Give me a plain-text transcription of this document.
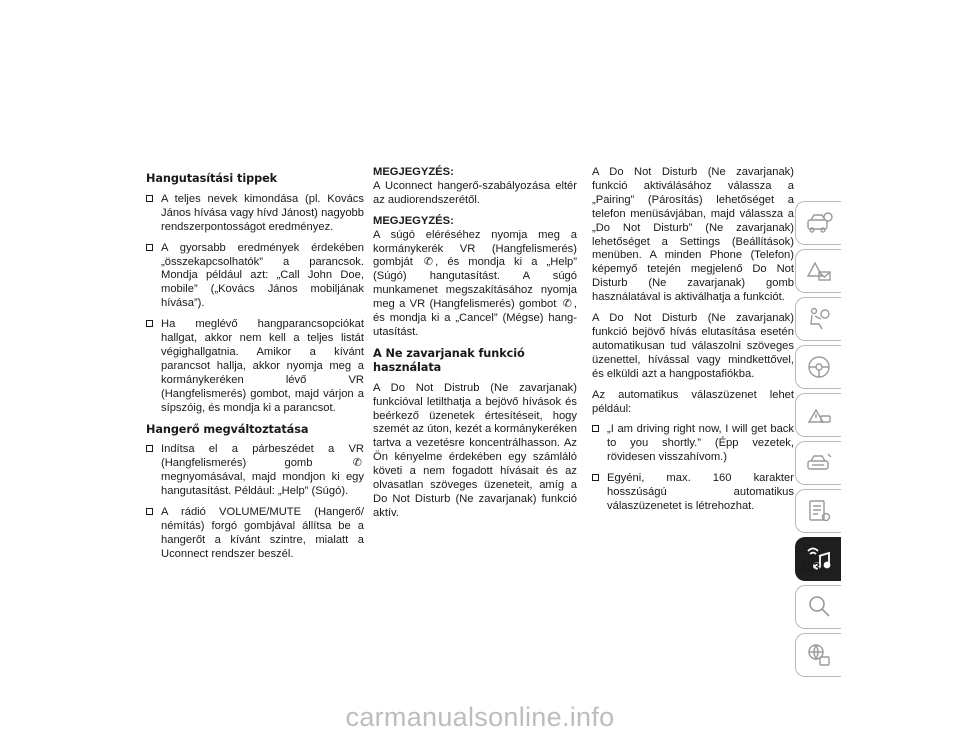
Hangutasítási tippek
A teljes nevek kimondása (pl. Kovács János hívása vagy hívd Jánost) nagyobb rendszerpontosságot eredményez.
A gyorsabb eredmények érdekében „összekapcsolhatók” a parancsok. Mondja például azt: „Call John Doe, mobile” („Kovács János mobiljának hívása”).
Ha meglévő hangparancsopciókat hallgat, akkor nem kell a teljes listát végighallgatnia. Amikor a kívánt parancsot hallja, akkor nyomja meg a kormánykeréken lévő VR (Hangfelismerés) gombot, majd várjon a sípszóig, és mondja ki a parancsot.
Hangerő megváltoztatása
Indítsa el a párbeszédet a VR (Hangfelismerés) gomb	✆ megnyomásával, majd mondjon ki egy hangutasítást. Például: „Help” (Súgó).
A rádió VOLUME/MUTE (Hangerő/ némítás) forgó gombjával állítsa be a hangerőt a kívánt szintre, mialatt a Uconnect rendszer beszél.
MEGJEGYZÉS:

A Uconnect hangerő-szabályozása eltér az audiorendszerétől.

MEGJEGYZÉS:

A súgó eléréséhez nyomja meg a kormánykerék VR (Hangfelismerés) gombját ✆ , és mondja ki a „Help” (Súgó) hangutasítást. A súgó munkamenet megszakításához nyomja meg a VR (Hangfelismerés) gombot ✆ , és mondja ki a „Cancel” (Mégse) hangutasítást.

A Ne zavarjanak funkció használata

A Do Not Distrub (Ne zavarjanak) funkcióval letilthatja a bejövő hívások és beérkező üzenetek értesítéseit, hogy szemét az úton, kezét a kormánykeréken tartva a vezetésre koncentrálhasson. Az Ön kényelme érdekében egy számláló követi a nem fogadott hívásait és az olvasatlan szöveges üzeneteit, amíg a Do Not Disturb (Ne zavarjanak) funkció aktív.

A Do Not Disturb (Ne zavarjanak) funkció aktiválásához válassza a „Pairing” (Párosítás) lehetőséget a telefon menüsávjában, majd válassza a „Do Not Disturb” (Ne zavarjanak) lehetőséget a Settings (Beállítások) menüben. A minden Phone (Telefon) képemyő tetején megjelenő Do Not Disturb (Ne zavarjanak) gomb használatával is aktiválhatja a funkciót.

A Do Not Disturb (Ne zavarjanak) funkció bejövő hívás elutasítása esetén automatikusan tud válaszolni szöveges üzenettel, hívással vagy mindkettővel, és elküldi azt a hangpostafiókba.

Az automatikus válaszüzenet lehet például:

„I am driving right now, I will get back to you shortly.” (Épp vezetek, rövidesen visszahívom.)
Egyéni, max. 160 karakter hosszúságú automatikus válaszüzenetet is létrehozhat.
333
carmanualsonline.info
